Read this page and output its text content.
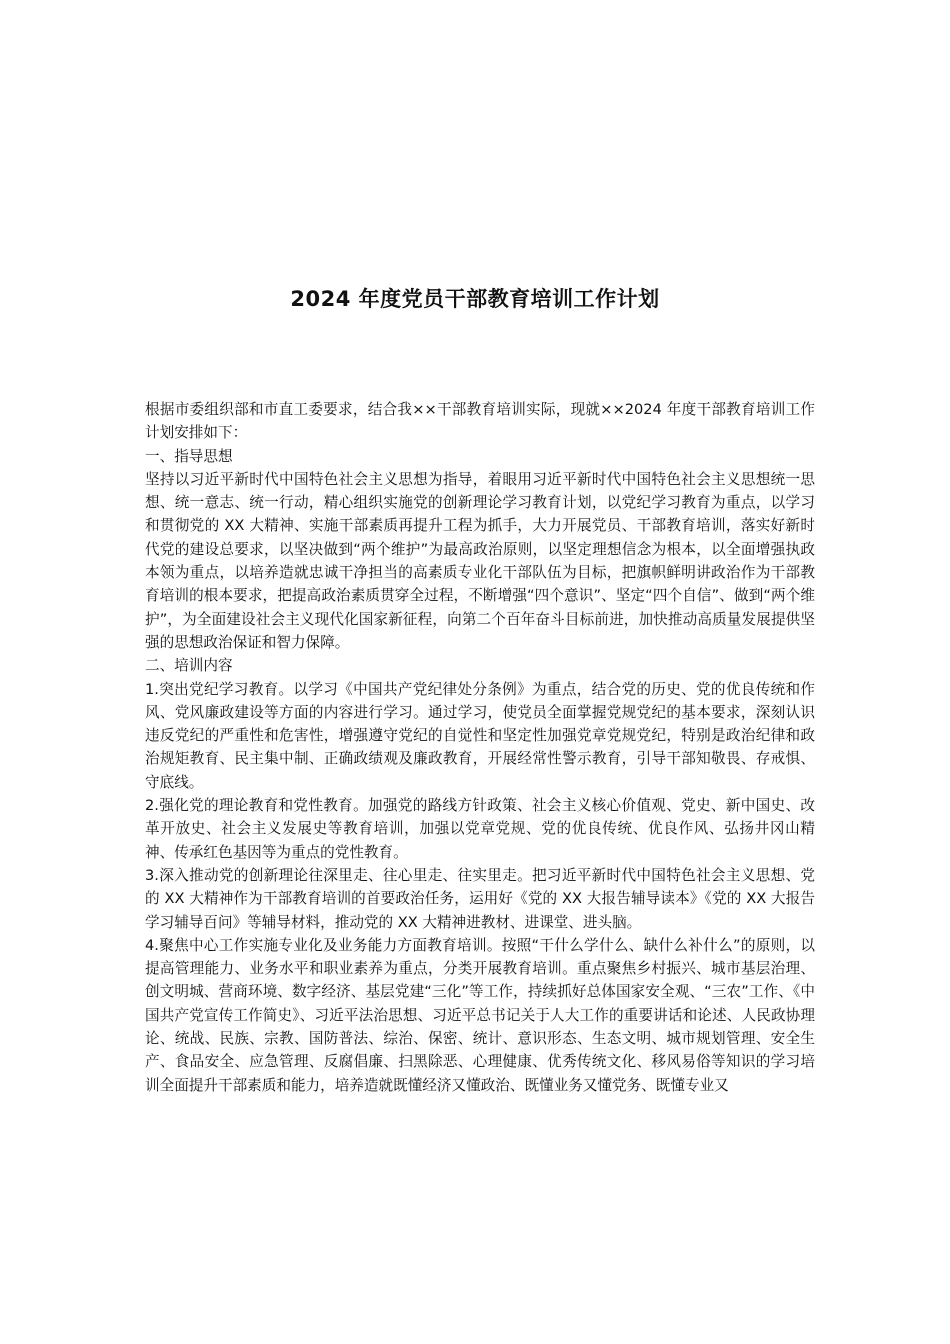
2024 年度党员干部教育培训工作计划

根据市委组织部和市直工委要求，结合我××干部教育培训实际，现就××2024 年度干部教育培训工作计划安排如下：

一、指导思想

坚持以习近平新时代中国特色社会主义思想为指导，着眼用习近平新时代中国特色社会主义思想统一思想、统一意志、统一行动，精心组织实施党的创新理论学习教育计划，以党纪学习教育为重点，以学习和贯彻党的 XX 大精神、实施干部素质再提升工程为抓手，大力开展党员、干部教育培训，落实好新时代党的建设总要求，以坚决做到“两个维护”为最高政治原则，以坚定理想信念为根本，以全面增强执政本领为重点，以培养造就忠诚干净担当的高素质专业化干部队伍为目标，把旗帜鲜明讲政治作为干部教育培训的根本要求，把提高政治素质贯穿全过程，不断增强“四个意识”、坚定“四个自信”、做到“两个维护”，为全面建设社会主义现代化国家新征程，向第二个百年奋斗目标前进，加快推动高质量发展提供坚强的思想政治保证和智力保障。

二、培训内容

1.突出党纪学习教育。以学习《中国共产党纪律处分条例》为重点，结合党的历史、党的优良传统和作风、党风廉政建设等方面的内容进行学习。通过学习，使党员全面掌握党规党纪的基本要求，深刻认识违反党纪的严重性和危害性，增强遵守党纪的自觉性和坚定性加强党章党规党纪，特别是政治纪律和政治规矩教育、民主集中制、正确政绩观及廉政教育，开展经常性警示教育，引导干部知敬畏、存戒惧、守底线。

2.强化党的理论教育和党性教育。加强党的路线方针政策、社会主义核心价值观、党史、新中国史、改革开放史、社会主义发展史等教育培训，加强以党章党规、党的优良传统、优良作风、弘扬井冈山精神、传承红色基因等为重点的党性教育。

3.深入推动党的创新理论往深里走、往心里走、往实里走。把习近平新时代中国特色社会主义思想、党的 XX 大精神作为干部教育培训的首要政治任务，运用好《党的 XX 大报告辅导读本》《党的 XX 大报告学习辅导百问》等辅导材料，推动党的 XX 大精神进教材、进课堂、进头脑。

4.聚焦中心工作实施专业化及业务能力方面教育培训。按照“干什么学什么、缺什么补什么”的原则，以提高管理能力、业务水平和职业素养为重点，分类开展教育培训。重点聚焦乡村振兴、城市基层治理、创文明城、营商环境、数字经济、基层党建“三化”等工作，持续抓好总体国家安全观、“三农”工作、《中国共产党宣传工作简史》、习近平法治思想、习近平总书记关于人大工作的重要讲话和论述、人民政协理论、统战、民族、宗教、国防普法、综治、保密、统计、意识形态、生态文明、城市规划管理、安全生产、食品安全、应急管理、反腐倡廉、扫黑除恶、心理健康、优秀传统文化、移风易俗等知识的学习培训全面提升干部素质和能力，培养造就既懂经济又懂政治、既懂业务又懂党务、既懂专业又
